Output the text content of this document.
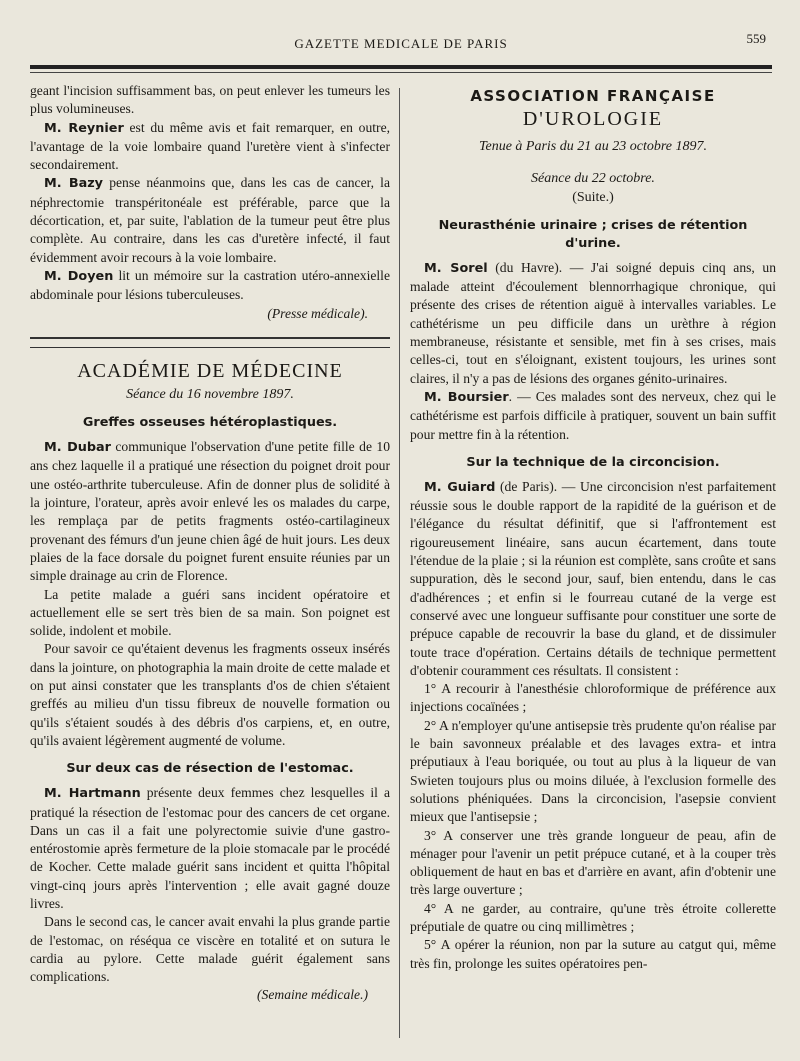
GAZETTE MEDICALE DE PARIS	559

geant l'incision suffisamment bas, on peut enlever les tumeurs les plus volumineuses.

M. Reynier est du même avis et fait remarquer, en outre, l'avantage de la voie lombaire quand l'uretère vient à s'infecter secondairement.

M. Bazy pense néanmoins que, dans les cas de cancer, la néphrectomie transpéritonéale est préférable, parce que la décortication, et, par suite, l'ablation de la tumeur peut être plus complète. Au contraire, dans les cas d'uretère infecté, il faut évidemment avoir recours à la voie lombaire.

M. Doyen lit un mémoire sur la castration utéro-annexielle abdominale pour lésions tuberculeuses.

(Presse médicale).

ACADÉMIE DE MÉDECINE
Séance du 16 novembre 1897.
Greffes osseuses hétéroplastiques.

M. Dubar communique l'observation d'une petite fille de 10 ans chez laquelle il a pratiqué une résection du poignet droit pour une ostéo-arthrite tuberculeuse. Afin de donner plus de solidité à la jointure, l'orateur, après avoir enlevé les os malades du carpe, les remplaça par de petits fragments ostéo-cartilagineux provenant des fémurs d'un jeune chien âgé de huit jours. Les deux plaies de la face dorsale du poignet furent ensuite réunies par un simple drainage au crin de Florence.

La petite malade a guéri sans incident opératoire et actuellement elle se sert très bien de sa main. Son poignet est solide, indolent et mobile.

Pour savoir ce qu'étaient devenus les fragments osseux insérés dans la jointure, on photographia la main droite de cette malade et on put ainsi constater que les transplants d'os de chien s'étaient greffés au milieu d'un tissu fibreux de nouvelle formation ou qu'ils s'étaient soudés à des débris d'os carpiens, et, en outre, qu'ils avaient légèrement augmenté de volume.

Sur deux cas de résection de l'estomac.

M. Hartmann présente deux femmes chez lesquelles il a pratiqué la résection de l'estomac pour des cancers de cet organe. Dans un cas il a fait une polyrectomie suivie d'une gastro-entérostomie après fermeture de la ploie stomacale par le procédé de Kocher. Cette malade guérit sans incident et quitta l'hôpital vingt-cinq jours après l'intervention ; elle avait gagné douze livres.

Dans le second cas, le cancer avait envahi la plus grande partie de l'estomac, on réséqua ce viscère en totalité et on sutura le cardia au pylore. Cette malade guérit également sans complications.

(Semaine médicale.)

ASSOCIATION FRANÇAISE
D'UROLOGIE
Tenue à Paris du 21 au 23 octobre 1897.
Séance du 22 octobre.
(Suite.)
Neurasthénie urinaire ; crises de rétention d'urine.

M. Sorel (du Havre). — J'ai soigné depuis cinq ans, un malade atteint d'écoulement blennorrhagique chronique, qui présente des crises de rétention aiguë à intervalles variables. Le cathétérisme un peu difficile dans un urèthre à région membraneuse, résistante et sensible, met fin à ses crises, mais celles-ci, tout en s'éloignant, existent toujours, les urines sont claires, il n'y a pas de lésions des organes génito-urinaires.

M. Boursier. — Ces malades sont des nerveux, chez qui le cathétérisme est parfois difficile à pratiquer, souvent un bain suffit pour mettre fin à la rétention.

Sur la technique de la circoncision.

M. Guiard (de Paris). — Une circoncision n'est parfaitement réussie sous le double rapport de la rapidité de la guérison et de l'élégance du résultat définitif, que si l'affrontement est rigoureusement linéaire, sans aucun écartement, dans toute l'étendue de la plaie ; si la réunion est complète, sans croûte et sans suppuration, dès le second jour, sauf, bien entendu, dans le cas d'adhérences ; et enfin si le fourreau cutané de la verge est conservé avec une longueur suffisante pour constituer une sorte de prépuce capable de recouvrir la base du gland, et de dissimuler toute trace d'opération. Certains détails de technique permettent d'obtenir couramment ces résultats. Il consistent :

1° A recourir à l'anesthésie chloroformique de préférence aux injections cocaïnées ;

2° A n'employer qu'une antisepsie très prudente qu'on réalise par le bain savonneux préalable et des lavages extra- et intra préputiaux à l'eau boriquée, ou tout au plus à la liqueur de van Swieten toujours plus ou moins diluée, à l'exclusion formelle des solutions phéniquées. Dans la circoncision, l'asepsie convient mieux que l'antisepsie ;

3° A conserver une très grande longueur de peau, afin de ménager pour l'avenir un petit prépuce cutané, et à la couper très obliquement de haut en bas et d'arrière en avant, afin d'obtenir une très large ouverture ;

4° A ne garder, au contraire, qu'une très étroite collerette préputiale de quatre ou cinq millimètres ;

5° A opérer la réunion, non par la suture au catgut qui, même très fin, prolonge les suites opératoires pen-
